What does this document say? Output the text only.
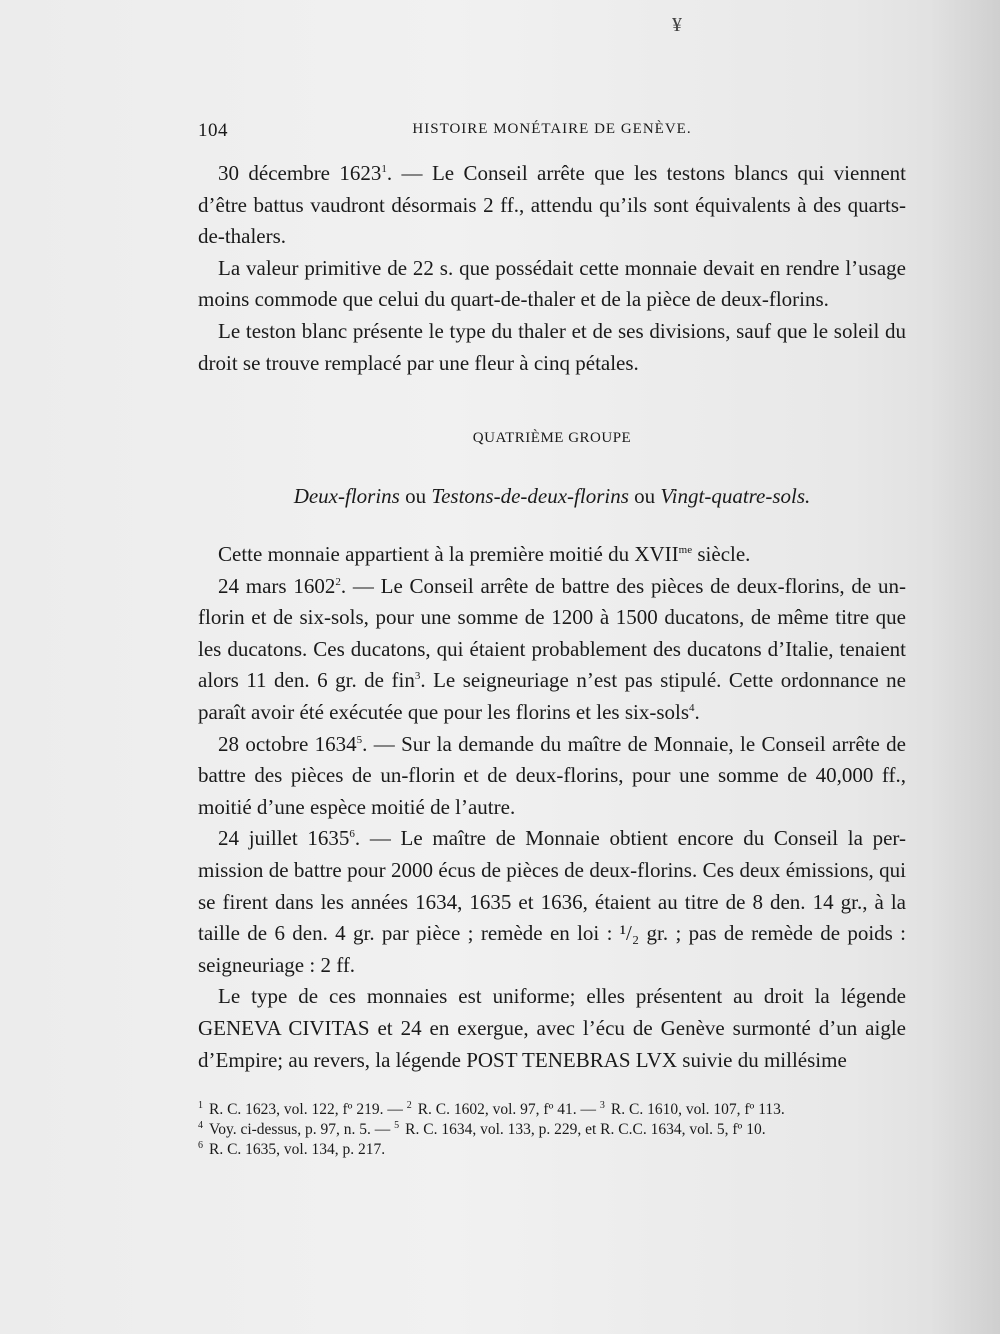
¥
104	HISTOIRE MONÉTAIRE DE GENÈVE.

30 décembre 1623$^1$. — Le Conseil arrête que les testons blancs qui viennent d’être battus vaudront désormais 2 ff., attendu qu’ils sont équivalents à des quarts-de-thalers.

La valeur primitive de 22 s. que possédait cette monnaie devait en rendre l’usage moins commode que celui du quart-de-thaler et de la pièce de deux-florins.

Le teston blanc présente le type du thaler et de ses divisions, sauf que le soleil du droit se trouve remplacé par une fleur à cinq pétales.

QUATRIÈME GROUPE
Deux-florins ou Testons-de-deux-florins ou Vingt-quatre-sols.

Cette monnaie appartient à la première moitié du $XVII^{me}$ siècle.

24 mars 1602$^2$. — Le Conseil arrête de battre des pièces de deux-florins, de un-florin et de six-sols, pour une somme de 1200 à 1500 ducatons, de même titre que les ducatons. Ces ducatons, qui étaient probablement des ducatons d’Italie, tenaient alors 11 den. 6 gr. de fin$^3$. Le seigneuriage n’est pas stipulé. Cette ordonnance ne paraît avoir été exécutée que pour les florins et les six-sols$^4$.

28 octobre 1634$^5$. — Sur la demande du maître de Monnaie, le Conseil arrête de battre des pièces de un-florin et de deux-florins, pour une somme de 40,000 ff., moitié d’une espèce moitié de l’autre.

24 juillet 1635$^6$. — Le maître de Monnaie obtient encore du Conseil la per-mission de battre pour 2000 écus de pièces de deux-florins. Ces deux émissions, qui se firent dans les années 1634, 1635 et 1636, étaient au titre de 8 den. 14 gr., à la taille de 6 den. 4 gr. par pièce ; remède en loi : ¹/₂ gr. ; pas de remède de poids : seigneuriage : 2 ff.

Le type de ces monnaies est uniforme; elles présentent au droit la légende GENEVA CIVITAS et 24 en exergue, avec l’écu de Genève surmonté d’un aigle d’Empire; au revers, la légende POST TENEBRAS LVX suivie du millésime

$^1$ R. C. 1623, vol. 122, fº 219. — $^2$ R. C. 1602, vol. 97, fº 41. — $^3$ R. C. 1610, vol. 107, fº 113.
$^4$ Voy. ci-dessus, p. 97, n. 5. — $^5$ R. C. 1634, vol. 133, p. 229, et R. C.C. 1634, vol. 5, fº 10.
$^6$ R. C. 1635, vol. 134, p. 217.
